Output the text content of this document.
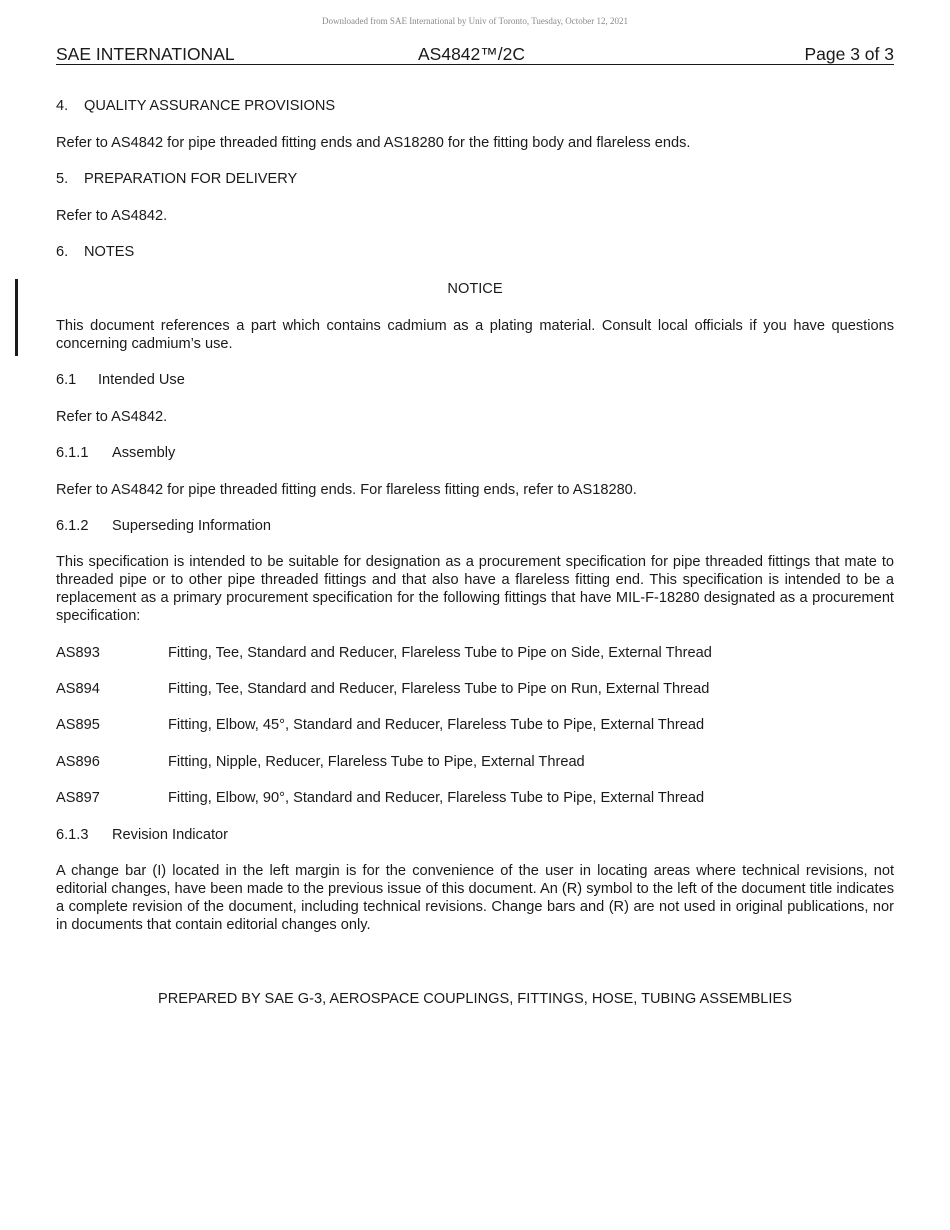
Downloaded from SAE International by Univ of Toronto, Tuesday, October 12, 2021
SAE INTERNATIONAL	AS4842™/2C	Page 3 of 3
4. QUALITY ASSURANCE PROVISIONS
Refer to AS4842 for pipe threaded fitting ends and AS18280 for the fitting body and flareless ends.
5. PREPARATION FOR DELIVERY
Refer to AS4842.
6. NOTES
NOTICE
This document references a part which contains cadmium as a plating material. Consult local officials if you have questions concerning cadmium’s use.
6.1 Intended Use
Refer to AS4842.
6.1.1 Assembly
Refer to AS4842 for pipe threaded fitting ends. For flareless fitting ends, refer to AS18280.
6.1.2 Superseding Information
This specification is intended to be suitable for designation as a procurement specification for pipe threaded fittings that mate to threaded pipe or to other pipe threaded fittings and that also have a flareless fitting end. This specification is intended to be a replacement as a primary procurement specification for the following fittings that have MIL-F-18280 designated as a procurement specification:
AS893	Fitting, Tee, Standard and Reducer, Flareless Tube to Pipe on Side, External Thread
AS894	Fitting, Tee, Standard and Reducer, Flareless Tube to Pipe on Run, External Thread
AS895	Fitting, Elbow, 45°, Standard and Reducer, Flareless Tube to Pipe, External Thread
AS896	Fitting, Nipple, Reducer, Flareless Tube to Pipe, External Thread
AS897	Fitting, Elbow, 90°, Standard and Reducer, Flareless Tube to Pipe, External Thread
6.1.3 Revision Indicator
A change bar (I) located in the left margin is for the convenience of the user in locating areas where technical revisions, not editorial changes, have been made to the previous issue of this document. An (R) symbol to the left of the document title indicates a complete revision of the document, including technical revisions. Change bars and (R) are not used in original publications, nor in documents that contain editorial changes only.
PREPARED BY SAE G-3, AEROSPACE COUPLINGS, FITTINGS, HOSE, TUBING ASSEMBLIES
